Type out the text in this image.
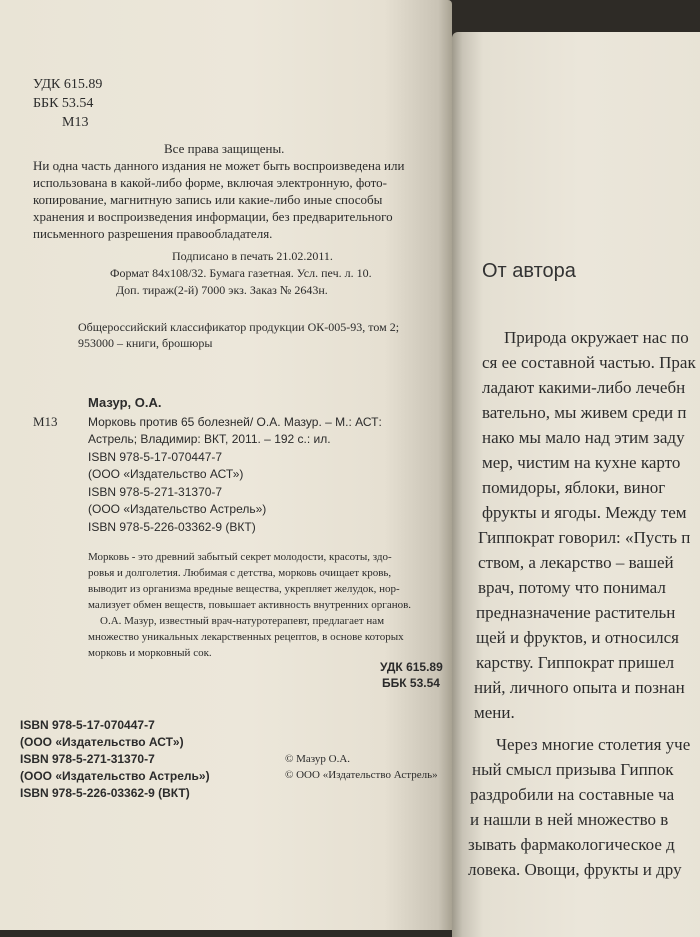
УДК 615.89
ББК 53.54
М13
Все права защищены.
Ни одна часть данного издания не может быть воспроизведена или
использована в какой-либо форме, включая электронную, фото-
копирование, магнитную запись или какие-либо иные способы
хранения и воспроизведения информации, без предварительного
письменного разрешения правообладателя.
Подписано в печать 21.02.2011.
Формат 84x108/32. Бумага газетная. Усл. печ. л. 10.
Доп. тираж(2-й) 7000 экз. Заказ № 2643н.
Общероссийский классификатор продукции ОК-005-93, том 2;
953000 – книги, брошюры
Мазур, О.А.
М13	Морковь против 65 болезней/ О.А. Мазур. – М.: АСТ:
Астрель; Владимир: ВКТ, 2011. – 192 с.: ил.
ISBN 978-5-17-070447-7
(ООО «Издательство АСТ»)
ISBN 978-5-271-31370-7
(ООО «Издательство Астрель»)
ISBN 978-5-226-03362-9 (ВКТ)
Морковь - это древний забытый секрет молодости, красоты, здо-
ровья и долголетия. Любимая с детства, морковь очищает кровь,
выводит из организма вредные вещества, укрепляет желудок, нор-
мализует обмен веществ, повышает активность внутренних органов.
О.А. Мазур, известный врач-натуротерапевт, предлагает нам
множество уникальных лекарственных рецептов, в основе которых
морковь и морковный сок.
УДК 615.89
ББК 53.54
ISBN 978-5-17-070447-7
(ООО «Издательство АСТ»)
ISBN 978-5-271-31370-7
(ООО «Издательство Астрель»)
ISBN 978-5-226-03362-9 (ВКТ)
© Мазур О.А.
© ООО «Издательство Астрель»
От автора
Природа окружает нас по
ся ее составной частью. Прак
ладают какими-либо лечебн
вательно, мы живем среди п
нако мы мало над этим заду
мер, чистим на кухне карто
помидоры, яблоки, виног
фрукты и ягоды. Между тем
Гиппократ говорил: «Пусть п
ством, а лекарство – вашей
врач, потому что понимал
предназначение растительн
щей и фруктов, и относился
карству. Гиппократ пришел
ний, личного опыта и познан
мени.
Через многие столетия уче
ный смысл призыва Гиппок
раздробили на составные ча
и нашли в ней множество в
зывать фармакологическое д
ловека. Овощи, фрукты и дру
